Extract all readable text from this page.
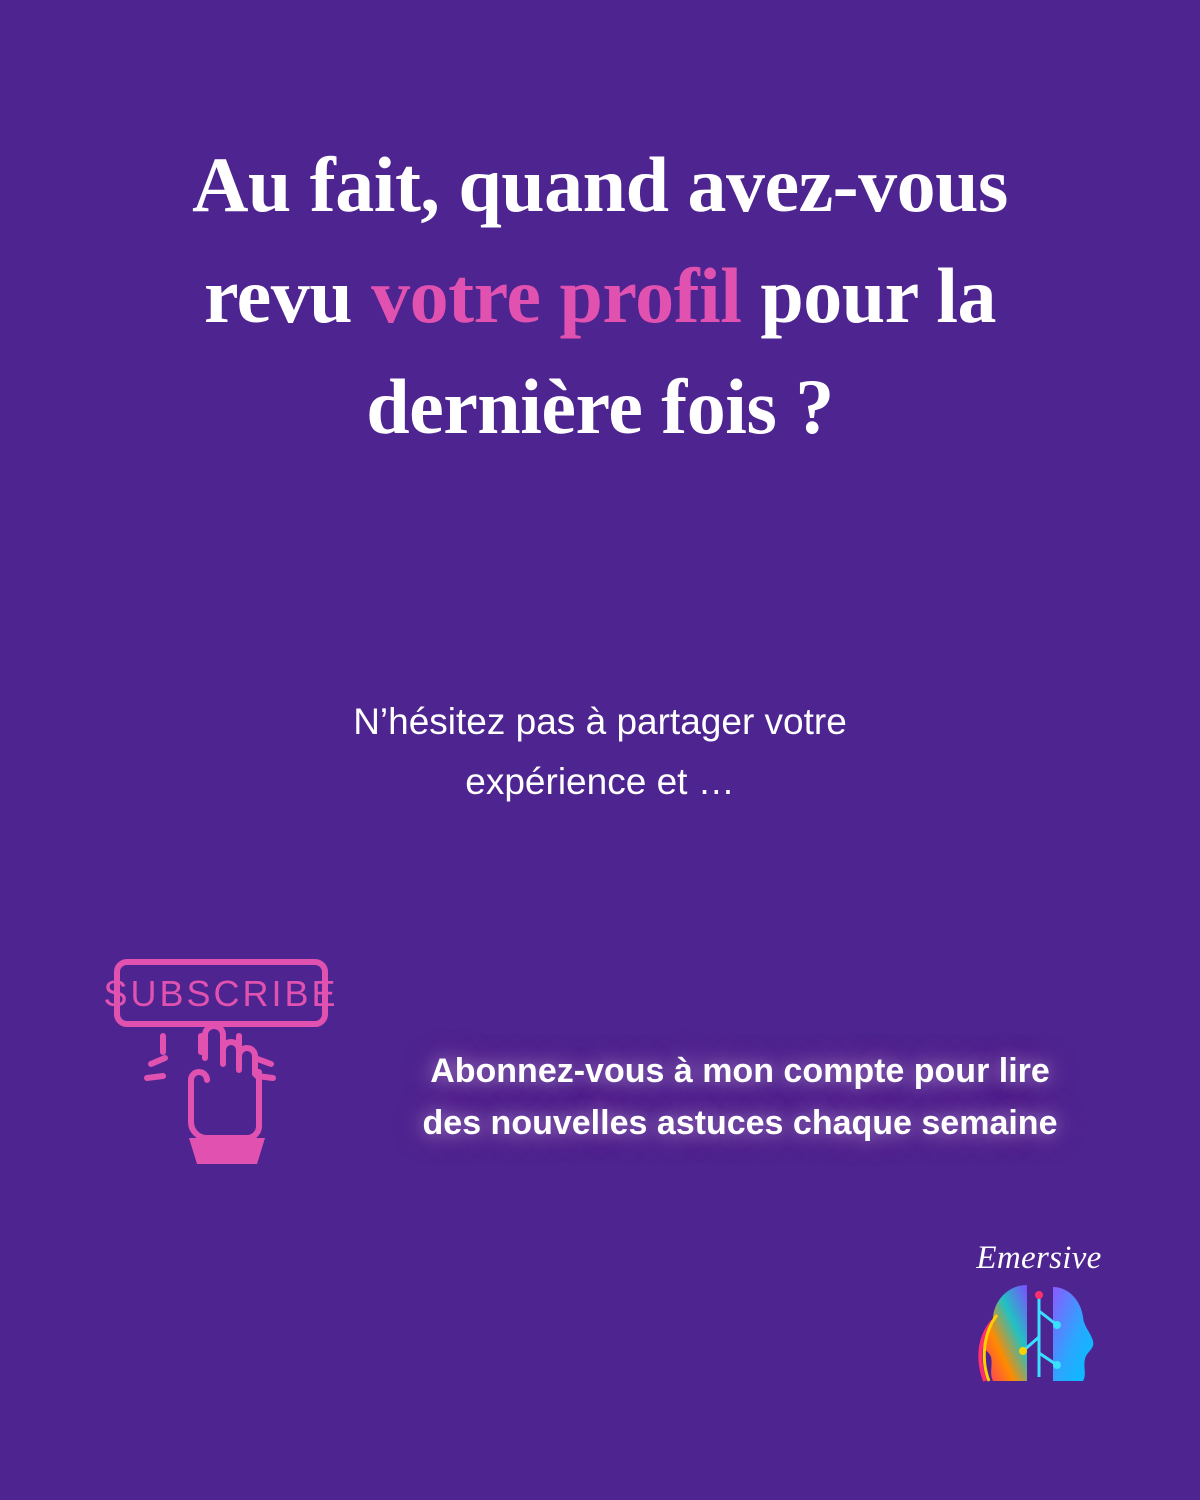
Au fait, quand avez-vous revu votre profil pour la dernière fois ?
N’hésitez pas à partager votre
expérience et …
SUBSCRIBE
Abonnez-vous à mon compte pour lire
des nouvelles astuces chaque semaine
Emersive
